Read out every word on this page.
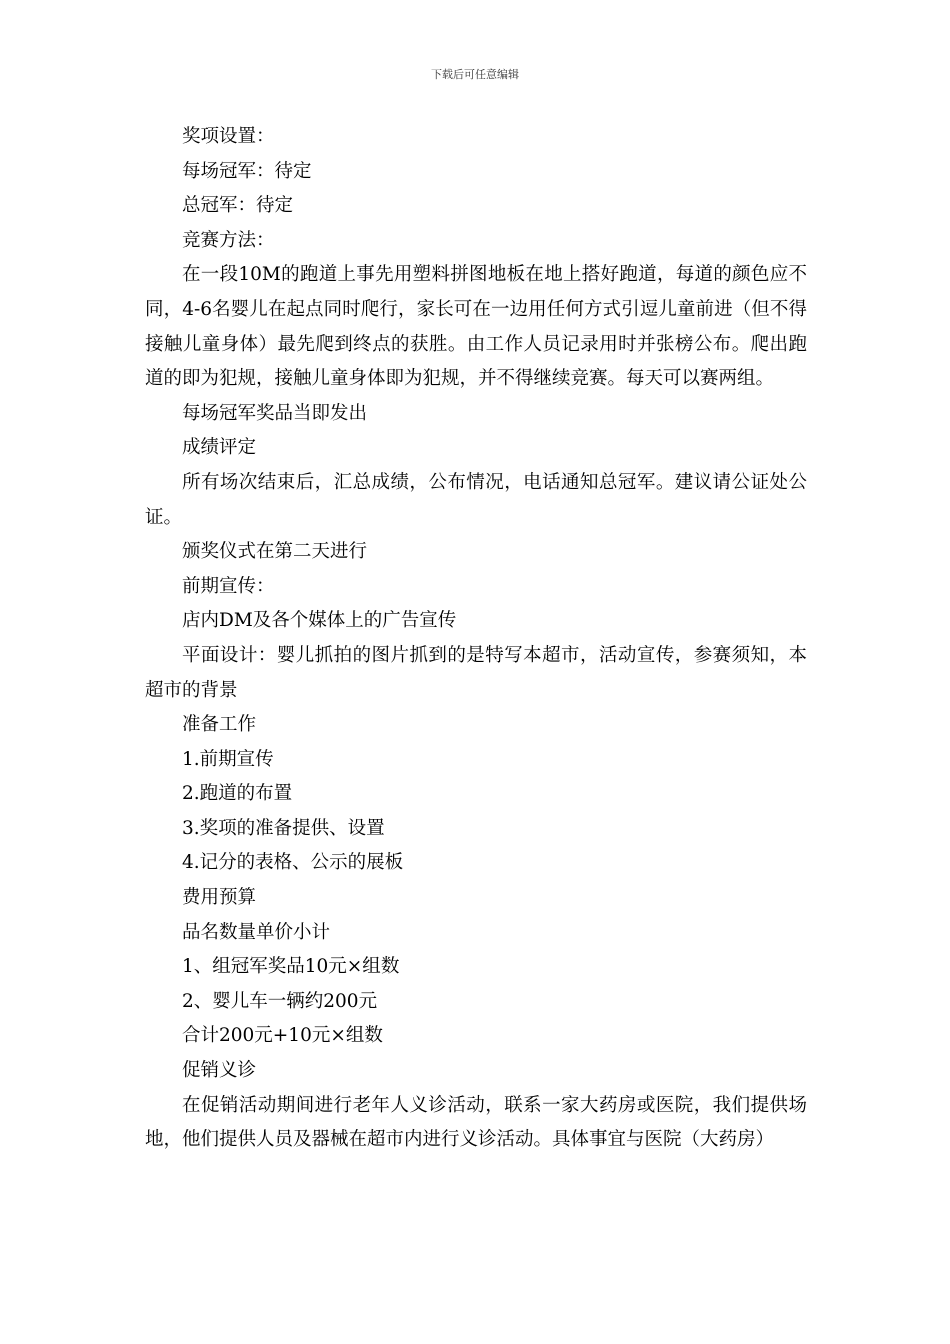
下载后可任意编辑

奖项设置：

每场冠军：待定

总冠军：待定

竞赛方法：

在一段10M的跑道上事先用塑料拼图地板在地上搭好跑道，每道的颜色应不同，4-6名婴儿在起点同时爬行，家长可在一边用任何方式引逗儿童前进（但不得接触儿童身体）最先爬到终点的获胜。由工作人员记录用时并张榜公布。爬出跑道的即为犯规，接触儿童身体即为犯规，并不得继续竞赛。每天可以赛两组。

每场冠军奖品当即发出

成绩评定

所有场次结束后，汇总成绩，公布情况，电话通知总冠军。建议请公证处公证。

颁奖仪式在第二天进行

前期宣传：

店内DM及各个媒体上的广告宣传

平面设计：婴儿抓拍的图片抓到的是特写本超市，活动宣传，参赛须知，本超市的背景

准备工作

1.前期宣传

2.跑道的布置

3.奖项的准备提供、设置

4.记分的表格、公示的展板

费用预算

品名数量单价小计

1、组冠军奖品10元×组数

2、婴儿车一辆约200元

合计200元+10元×组数

促销义诊

在促销活动期间进行老年人义诊活动，联系一家大药房或医院，我们提供场地，他们提供人员及器械在超市内进行义诊活动。具体事宜与医院（大药房）
